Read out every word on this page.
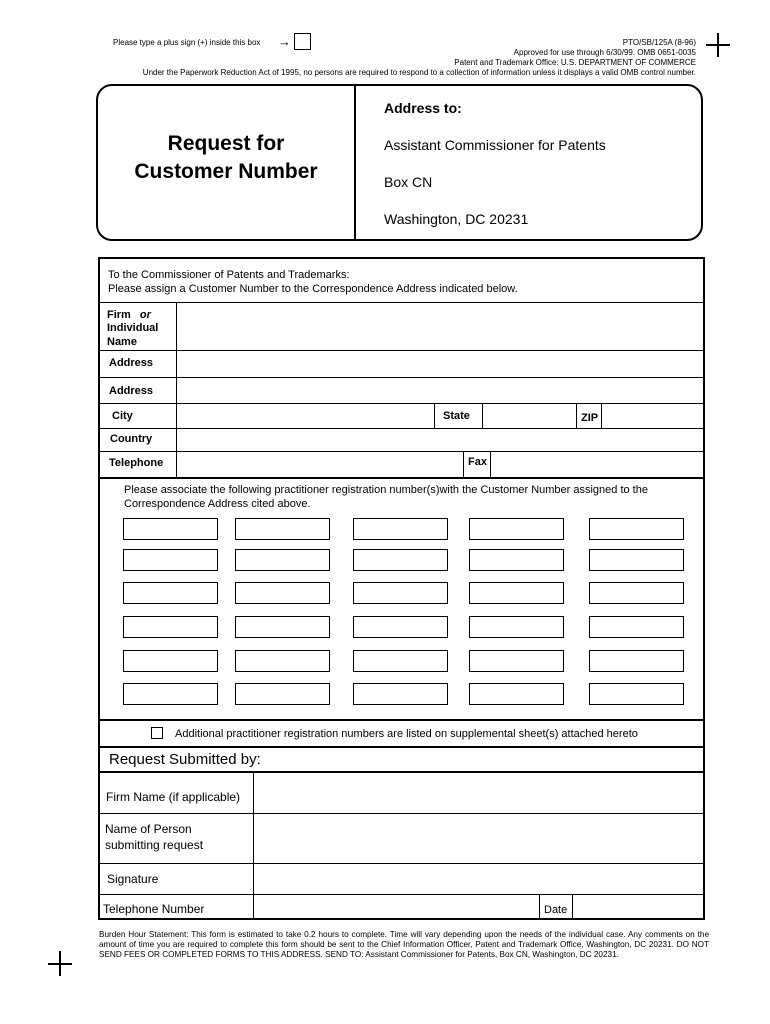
Please type a plus sign (+) inside this box →	PTO/SB/125A (8-96)
Approved for use through 6/30/99. OMB 0651-0035
Patent and Trademark Office: U.S. DEPARTMENT OF COMMERCE
Under the Paperwork Reduction Act of 1995, no persons are required to respond to a collection of information unless it displays a valid OMB control number.
Request for
Customer Number
Address to:
Assistant Commissioner for Patents
Box CN
Washington, DC 20231
To the Commissioner of Patents and Trademarks:
Please assign a Customer Number to the Correspondence Address indicated below.
Firm or
Individual
Name
Address
Address
City	State	ZIP
Country
Telephone	Fax
Please associate the following practitioner registration number(s)with the Customer Number assigned to the
Correspondence Address cited above.
Additional practitioner registration numbers are listed on supplemental sheet(s) attached hereto
Request Submitted by:
Firm Name (if applicable)
Name of Person
submitting request
Signature
Telephone Number	Date
Burden Hour Statement: This form is estimated to take 0.2 hours to complete. Time will vary depending upon the needs of the individual case. Any comments on the amount of time you are required to complete this form should be sent to the Chief Information Officer, Patent and Trademark Office, Washington, DC 20231. DO NOT SEND FEES OR COMPLETED FORMS TO THIS ADDRESS. SEND TO: Assistant Commissioner for Patents, Box CN, Washington, DC 20231.
